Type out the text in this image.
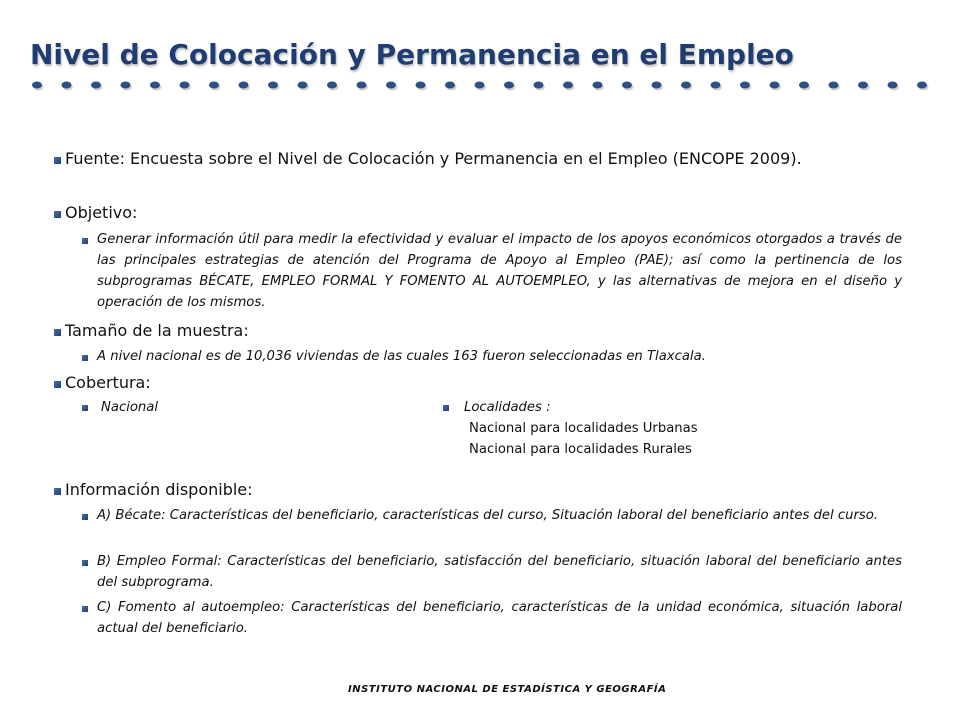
Nivel de Colocación y Permanencia en el Empleo
Fuente: Encuesta sobre el Nivel de Colocación y Permanencia en el Empleo (ENCOPE 2009).
Objetivo:
Generar información útil para medir la efectividad y evaluar el impacto de los apoyos económicos otorgados a través de las principales estrategias de atención del Programa de Apoyo al Empleo (PAE); así como la pertinencia de los subprogramas BÉCATE, EMPLEO FORMAL Y FOMENTO AL AUTOEMPLEO, y las alternativas de mejora en el diseño y operación de los mismos.
Tamaño de la muestra:
A nivel nacional es de 10,036 viviendas de las cuales 163 fueron seleccionadas en Tlaxcala.
Cobertura:
Nacional	Localidades :
Nacional para localidades Urbanas
Nacional para localidades Rurales
Información disponible:
A) Bécate: Características del beneficiario, características del curso, Situación laboral del beneficiario antes del curso.
B) Empleo Formal: Características del beneficiario, satisfacción del beneficiario, situación laboral del beneficiario antes del subprograma.
C) Fomento al autoempleo: Características del beneficiario, características de la unidad económica, situación laboral actual del beneficiario.
INSTITUTO NACIONAL DE ESTADÍSTICA Y GEOGRAFÍA
